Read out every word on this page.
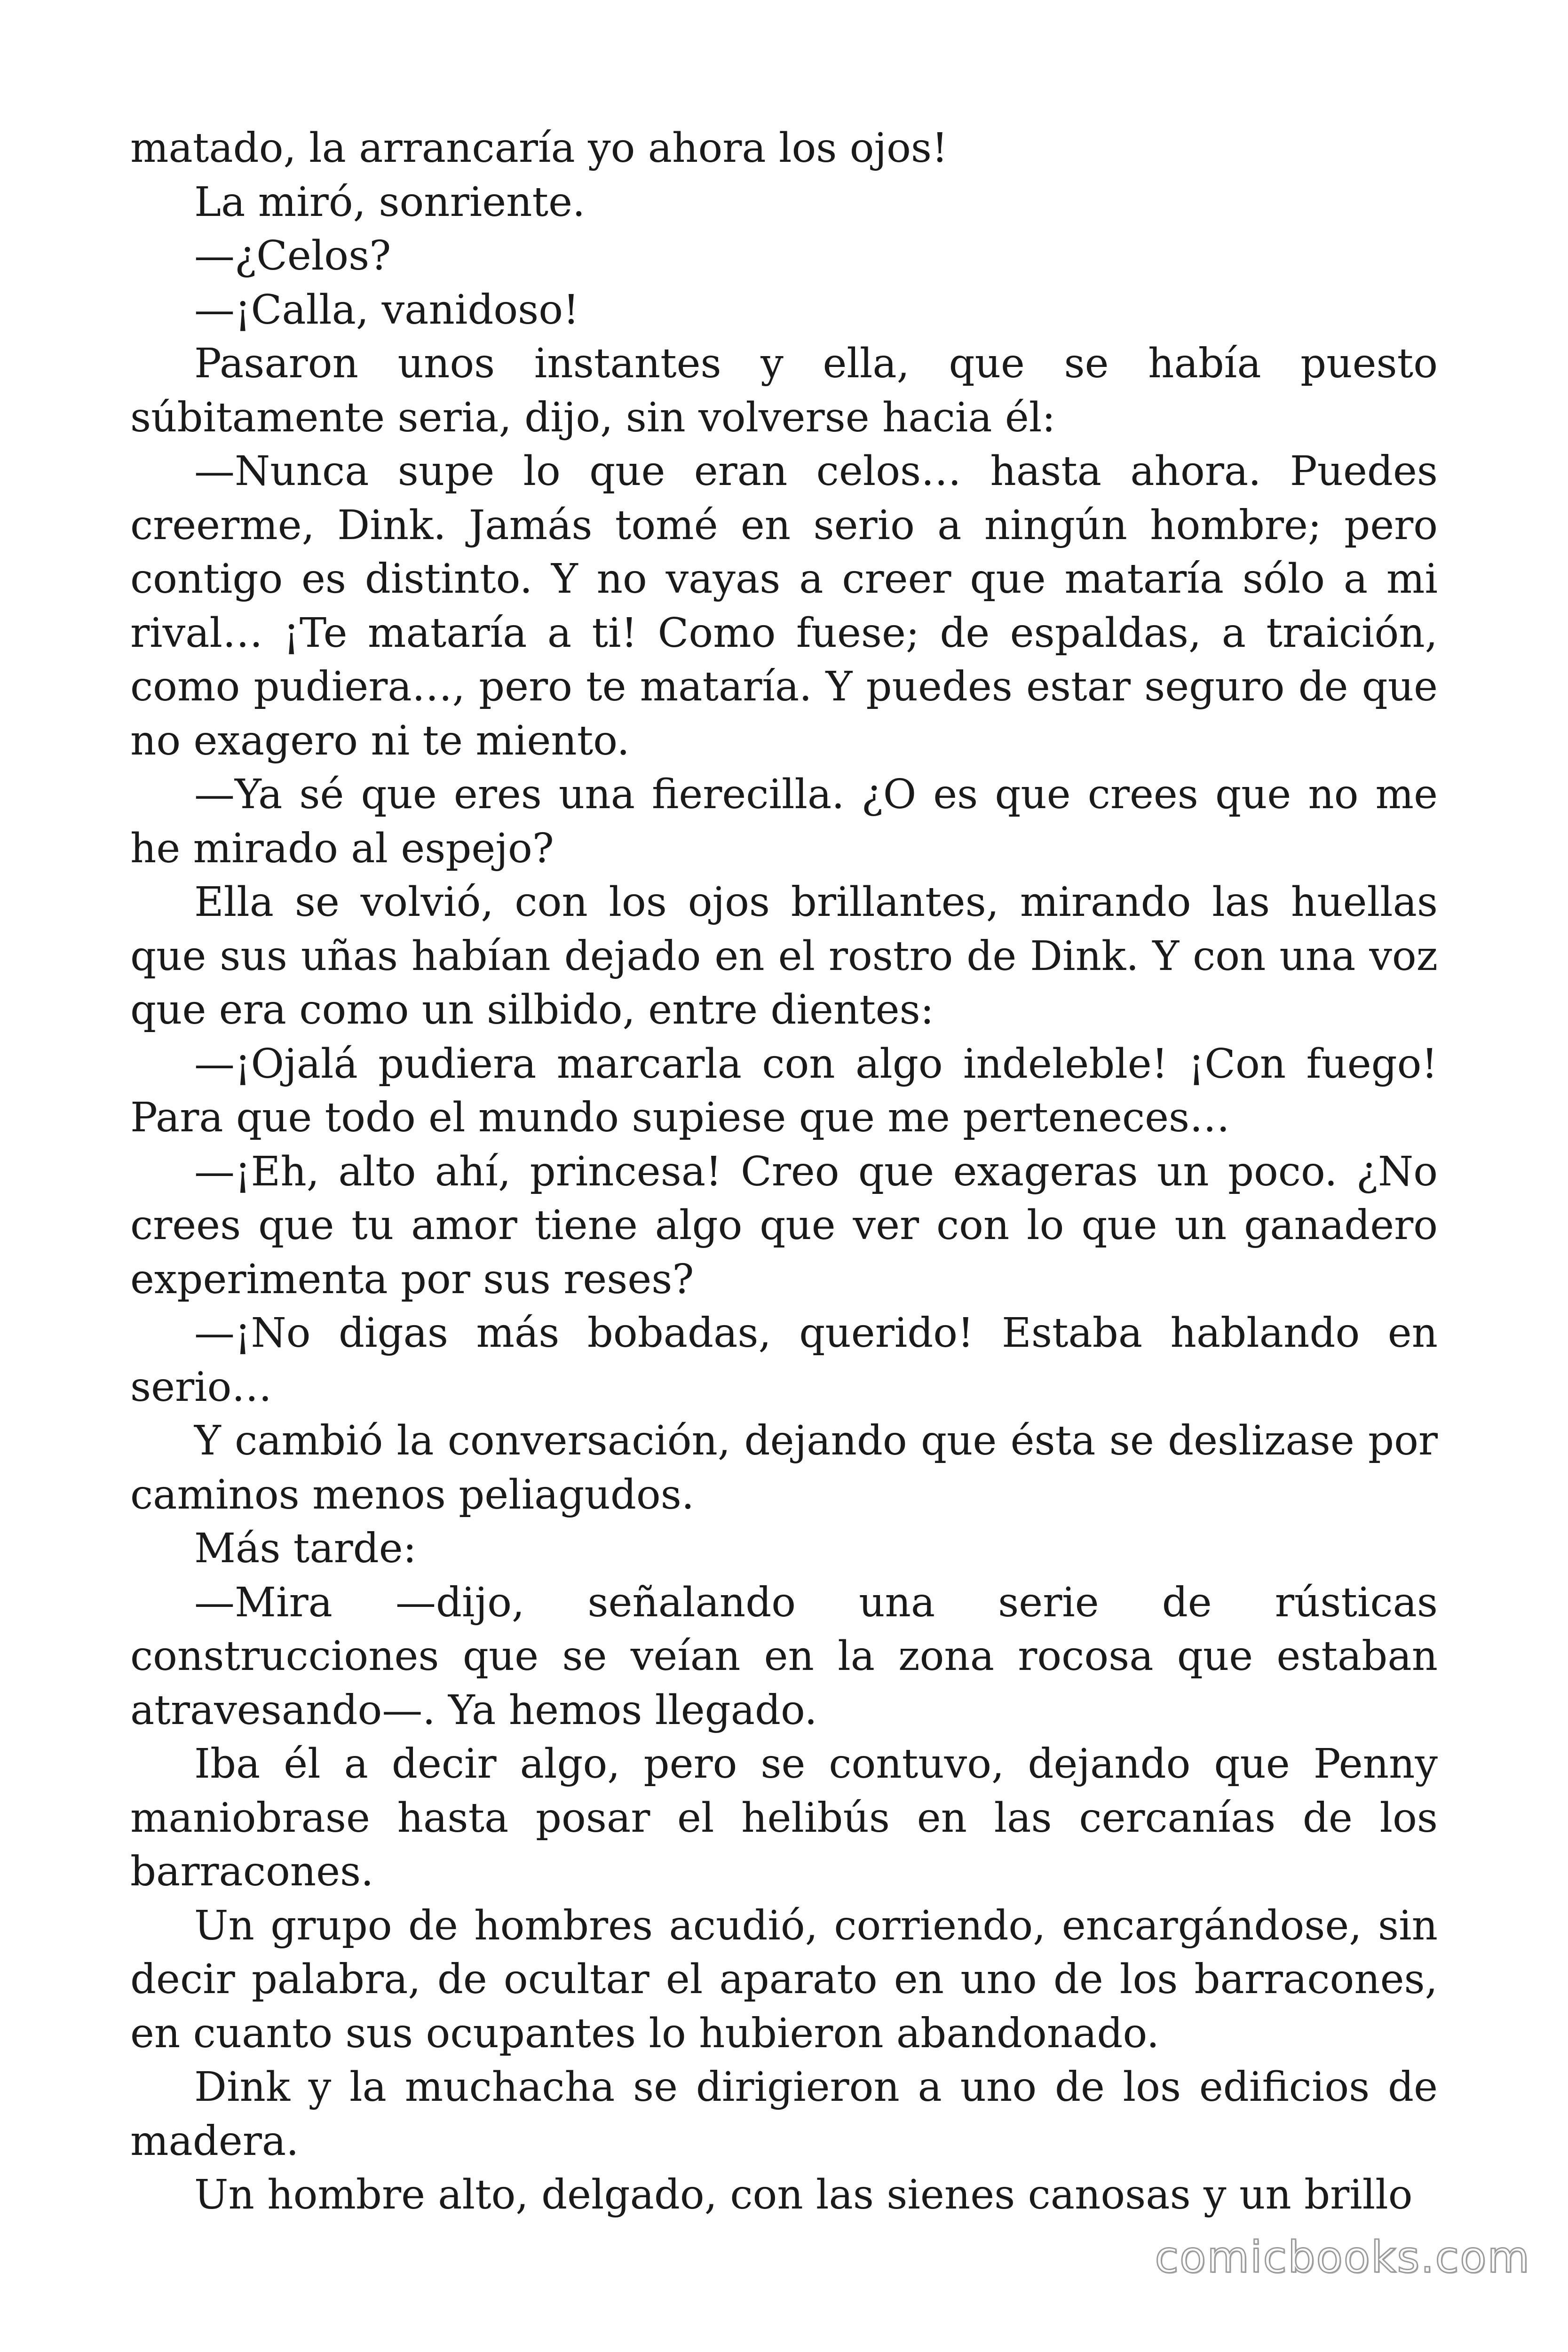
matado, la arrancaría yo ahora los ojos!

La miró, sonriente.

—¿Celos?

—¡Calla, vanidoso!

Pasaron unos instantes y ella, que se había puesto súbitamente seria, dijo, sin volverse hacia él:

—Nunca supe lo que eran celos… hasta ahora. Puedes creerme, Dink. Jamás tomé en serio a ningún hombre; pero contigo es distinto. Y no vayas a creer que mataría sólo a mi rival… ¡Te mataría a ti! Como fuese; de espaldas, a traición, como pudiera…, pero te mataría. Y puedes estar seguro de que no exagero ni te miento.

—Ya sé que eres una fierecilla. ¿O es que crees que no me he mirado al espejo?

Ella se volvió, con los ojos brillantes, mirando las huellas que sus uñas habían dejado en el rostro de Dink. Y con una voz que era como un silbido, entre dientes:

—¡Ojalá pudiera marcarla con algo indeleble! ¡Con fuego! Para que todo el mundo supiese que me perteneces…

—¡Eh, alto ahí, princesa! Creo que exageras un poco. ¿No crees que tu amor tiene algo que ver con lo que un ganadero experimenta por sus reses?

—¡No digas más bobadas, querido! Estaba hablando en serio…

Y cambió la conversación, dejando que ésta se deslizase por caminos menos peliagudos.

Más tarde:

—Mira —dijo, señalando una serie de rústicas construcciones que se veían en la zona rocosa que estaban atravesando—. Ya hemos llegado.

Iba él a decir algo, pero se contuvo, dejando que Penny maniobrase hasta posar el helibús en las cercanías de los barracones.

Un grupo de hombres acudió, corriendo, encargándose, sin decir palabra, de ocultar el aparato en uno de los barracones, en cuanto sus ocupantes lo hubieron abandonado.

Dink y la muchacha se dirigieron a uno de los edificios de madera.

Un hombre alto, delgado, con las sienes canosas y un brillo

comicbooks.com
